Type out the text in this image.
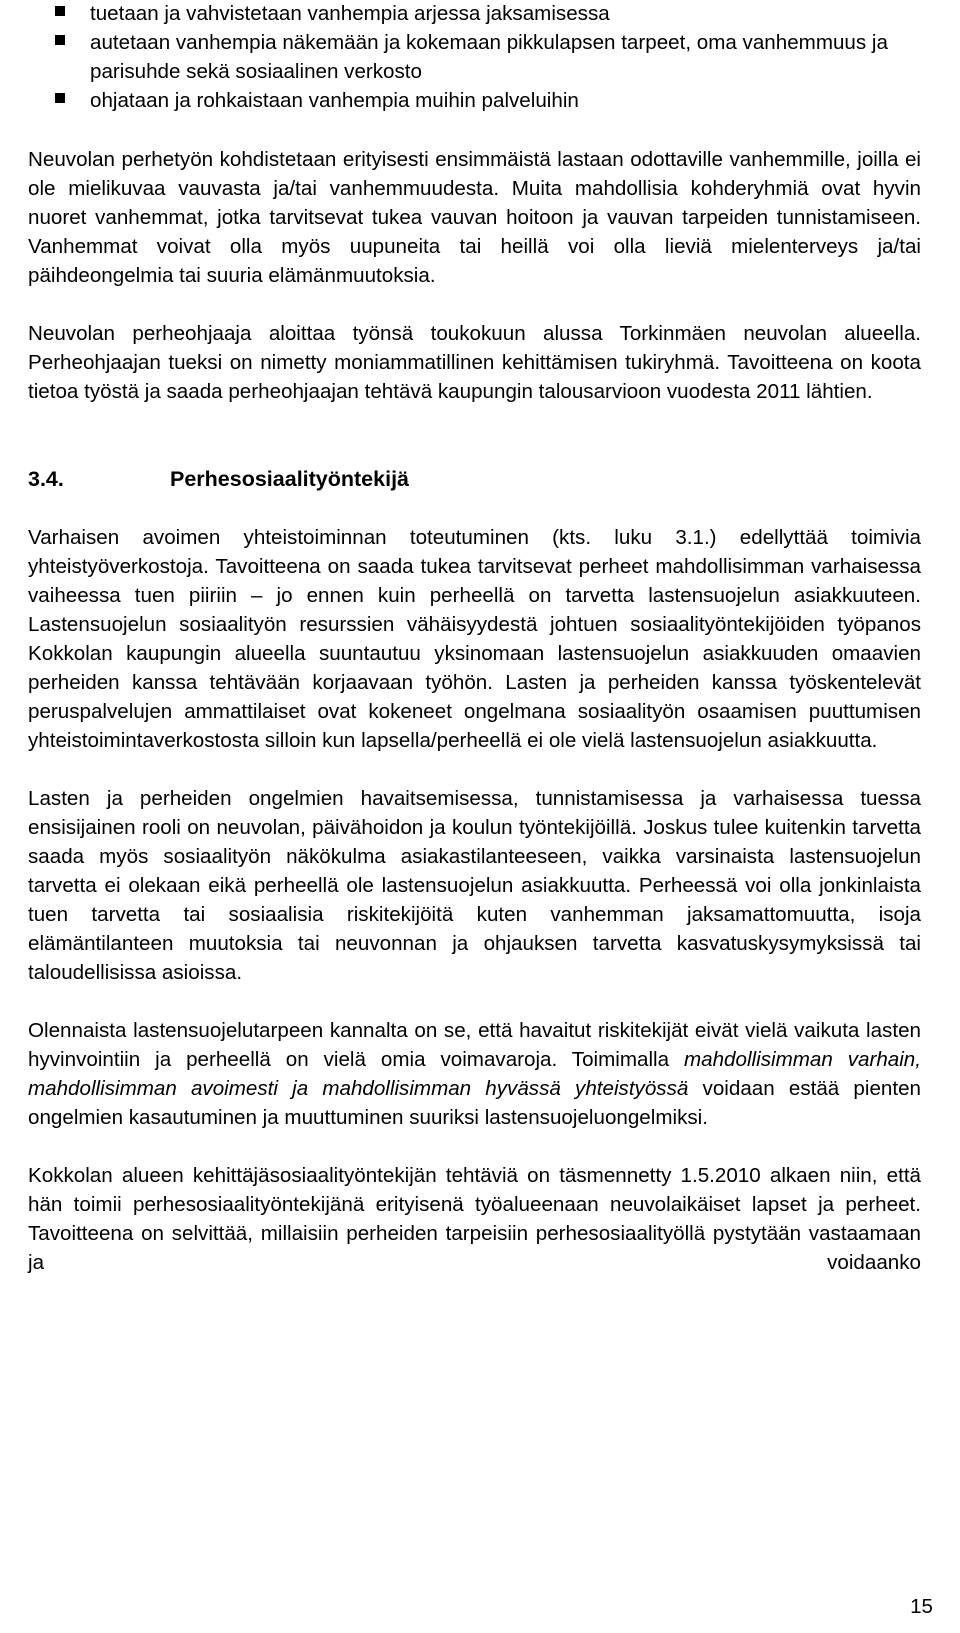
tuetaan ja vahvistetaan vanhempia arjessa jaksamisessa
autetaan vanhempia näkemään ja kokemaan pikkulapsen tarpeet, oma vanhemmuus ja parisuhde sekä sosiaalinen verkosto
ohjataan ja rohkaistaan vanhempia muihin palveluihin

Neuvolan perhetyön kohdistetaan erityisesti ensimmäistä lastaan odottaville vanhemmille, joilla ei ole mielikuvaa vauvasta ja/tai vanhemmuudesta. Muita mahdollisia kohderyhmiä ovat hyvin nuoret vanhemmat, jotka tarvitsevat tukea vauvan hoitoon ja vauvan tarpeiden tunnistamiseen. Vanhemmat voivat olla myös uupuneita tai heillä voi olla lieviä mielenterveys ja/tai päihdeongelmia tai suuria elämänmuutoksia.

Neuvolan perheohjaaja aloittaa työnsä toukokuun alussa Torkinmäen neuvolan alueella. Perheohjaajan tueksi on nimetty moniammatillinen kehittämisen tukiryhmä. Tavoitteena on koota tietoa työstä ja saada perheohjaajan tehtävä kaupungin talousarvioon vuodesta 2011 lähtien.

3.4.	Perhesosiaalityöntekijä

Varhaisen avoimen yhteistoiminnan toteutuminen (kts. luku 3.1.) edellyttää toimivia yhteistyöverkostoja. Tavoitteena on saada tukea tarvitsevat perheet mahdollisimman varhaisessa vaiheessa tuen piiriin – jo ennen kuin perheellä on tarvetta lastensuojelun asiakkuuteen. Lastensuojelun sosiaalityön resurssien vähäisyydestä johtuen sosiaalityöntekijöiden työpanos Kokkolan kaupungin alueella suuntautuu yksinomaan lastensuojelun asiakkuuden omaavien perheiden kanssa tehtävään korjaavaan työhön. Lasten ja perheiden kanssa työskentelevät peruspalvelujen ammattilaiset ovat kokeneet ongelmana sosiaalityön osaamisen puuttumisen yhteistoimintaverkostosta silloin kun lapsella/perheellä ei ole vielä lastensuojelun asiakkuutta.

Lasten ja perheiden ongelmien havaitsemisessa, tunnistamisessa ja varhaisessa tuessa ensisijainen rooli on neuvolan, päivähoidon ja koulun työntekijöillä. Joskus tulee kuitenkin tarvetta saada myös sosiaalityön näkökulma asiakastilanteeseen, vaikka varsinaista lastensuojelun tarvetta ei olekaan eikä perheellä ole lastensuojelun asiakkuutta. Perheessä voi olla jonkinlaista tuen tarvetta tai sosiaalisia riskitekijöitä kuten vanhemman jaksamattomuutta, isoja elämäntilanteen muutoksia tai neuvonnan ja ohjauksen tarvetta kasvatuskysymyksissä tai taloudellisissa asioissa.

Olennaista lastensuojelutarpeen kannalta on se, että havaitut riskitekijät eivät vielä vaikuta lasten hyvinvointiin ja perheellä on vielä omia voimavaroja. Toimimalla mahdollisimman varhain, mahdollisimman avoimesti ja mahdollisimman hyvässä yhteistyössä voidaan estää pienten ongelmien kasautuminen ja muuttuminen suuriksi lastensuojeluongelmiksi.

Kokkolan alueen kehittäjäsosiaalityöntekijän tehtäviä on täsmennetty 1.5.2010 alkaen niin, että hän toimii perhesosiaalityöntekijänä erityisenä työalueenaan neuvolaikäiset lapset ja perheet. Tavoitteena on selvittää, millaisiin perheiden tarpeisiin perhesosiaalityöllä pystytään vastaamaan ja voidaanko

15
